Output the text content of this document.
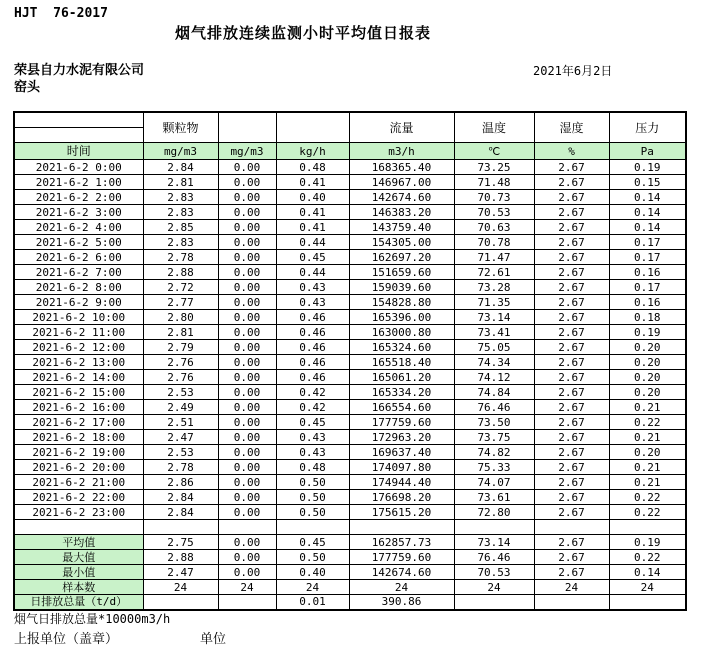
HJT  76-2017
烟气排放连续监测小时平均值日报表
荣县自力水泥有限公司	2021年6月2日
窑头
	颗粒物			流量	温度	湿度	压力

时间	mg/m3	mg/m3	kg/h	m3/h	℃	%	Pa
2021-6-2 0:00	2.84	0.00	0.48	168365.40	73.25	2.67	0.19
2021-6-2 1:00	2.81	0.00	0.41	146967.00	71.48	2.67	0.15
2021-6-2 2:00	2.83	0.00	0.40	142674.60	70.73	2.67	0.14
2021-6-2 3:00	2.83	0.00	0.41	146383.20	70.53	2.67	0.14
2021-6-2 4:00	2.85	0.00	0.41	143759.40	70.63	2.67	0.14
2021-6-2 5:00	2.83	0.00	0.44	154305.00	70.78	2.67	0.17
2021-6-2 6:00	2.78	0.00	0.45	162697.20	71.47	2.67	0.17
2021-6-2 7:00	2.88	0.00	0.44	151659.60	72.61	2.67	0.16
2021-6-2 8:00	2.72	0.00	0.43	159039.60	73.28	2.67	0.17
2021-6-2 9:00	2.77	0.00	0.43	154828.80	71.35	2.67	0.16
2021-6-2 10:00	2.80	0.00	0.46	165396.00	73.14	2.67	0.18
2021-6-2 11:00	2.81	0.00	0.46	163000.80	73.41	2.67	0.19
2021-6-2 12:00	2.79	0.00	0.46	165324.60	75.05	2.67	0.20
2021-6-2 13:00	2.76	0.00	0.46	165518.40	74.34	2.67	0.20
2021-6-2 14:00	2.76	0.00	0.46	165061.20	74.12	2.67	0.20
2021-6-2 15:00	2.53	0.00	0.42	165334.20	74.84	2.67	0.20
2021-6-2 16:00	2.49	0.00	0.42	166554.60	76.46	2.67	0.21
2021-6-2 17:00	2.51	0.00	0.45	177759.60	73.50	2.67	0.22
2021-6-2 18:00	2.47	0.00	0.43	172963.20	73.75	2.67	0.21
2021-6-2 19:00	2.53	0.00	0.43	169637.40	74.82	2.67	0.20
2021-6-2 20:00	2.78	0.00	0.48	174097.80	75.33	2.67	0.21
2021-6-2 21:00	2.86	0.00	0.50	174944.40	74.07	2.67	0.21
2021-6-2 22:00	2.84	0.00	0.50	176698.20	73.61	2.67	0.22
2021-6-2 23:00	2.84	0.00	0.50	175615.20	72.80	2.67	0.22

平均值	2.75	0.00	0.45	162857.73	73.14	2.67	0.19
最大值	2.88	0.00	0.50	177759.60	76.46	2.67	0.22
最小值	2.47	0.00	0.40	142674.60	70.53	2.67	0.14
样本数	24	24	24	24	24	24	24
日排放总量（t/d）			0.01	390.86			
烟气日排放总量*10000m3/h
上报单位（盖章）	单位
